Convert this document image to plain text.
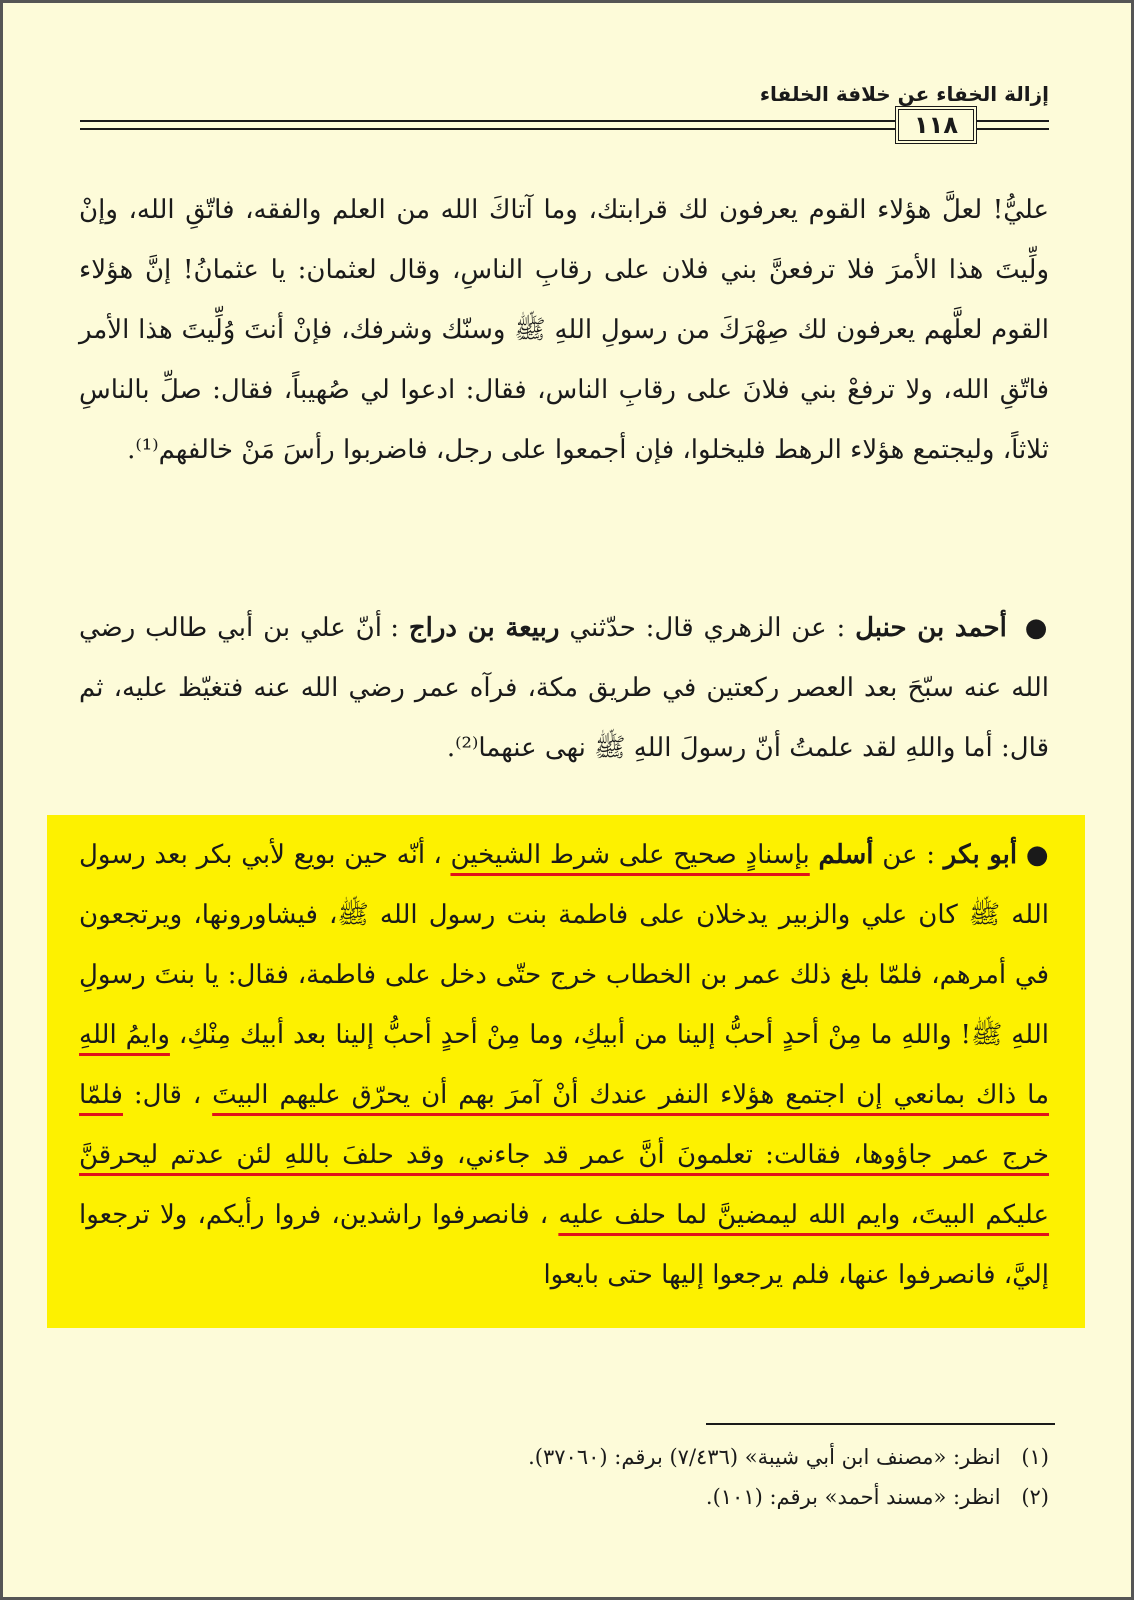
إزالة الخفاء عن خلافة الخلفاء
١١٨
عليُّ! لعلَّ هؤلاء القوم يعرفون لك قرابتك، وما آتاكَ الله من العلم والفقه، فاتّقِ الله، وإنْ ولِّيتَ هذا الأمرَ فلا ترفعنَّ بني فلان على رقابِ الناسِ، وقال لعثمان: يا عثمانُ! إنَّ هؤلاء القوم لعلَّهم يعرفون لك صِهْرَكَ من رسولِ اللهِ ﷺ وسنّك وشرفك، فإنْ أنتَ وُلِّيتَ هذا الأمر فاتّقِ الله، ولا ترفعْ بني فلانَ على رقابِ الناس، فقال: ادعوا لي صُهيباً، فقال: صلِّ بالناسِ ثلاثاً، وليجتمع هؤلاء الرهط فليخلوا، فإن أجمعوا على رجل، فاضربوا رأسَ مَنْ خالفهم⁽¹⁾.
● أحمد بن حنبل : عن الزهري قال: حدّثني ربيعة بن دراج : أنّ علي بن أبي طالب رضي الله عنه سبّحَ بعد العصر ركعتين في طريق مكة، فرآه عمر رضي الله عنه فتغيّظ عليه، ثم قال: أما واللهِ لقد علمتُ أنّ رسولَ اللهِ ﷺ نهى عنهما⁽²⁾.
● أبو بكر : عن أسلم بإسنادٍ صحيح على شرط الشيخين ، أنّه حين بويع لأبي بكر بعد رسول الله ﷺ كان علي والزبير يدخلان على فاطمة بنت رسول الله ﷺ، فيشاورونها، ويرتجعون في أمرهم، فلمّا بلغ ذلك عمر بن الخطاب خرج حتّى دخل على فاطمة، فقال: يا بنتَ رسولِ اللهِ ﷺ! واللهِ ما مِنْ أحدٍ أحبُّ إلينا من أبيكِ، وما مِنْ أحدٍ أحبُّ إلينا بعد أبيك مِنْكِ، وايمُ اللهِ ما ذاك بمانعي إن اجتمع هؤلاء النفر عندك أنْ آمرَ بهم أن يحرّق عليهم البيتَ ، قال: فلمّا خرج عمر جاؤوها، فقالت: تعلمونَ أنَّ عمر قد جاءني، وقد حلفَ باللهِ لئن عدتم ليحرقنَّ عليكم البيتَ، وايم الله ليمضينَّ لما حلف عليه ، فانصرفوا راشدين، فروا رأيكم، ولا ترجعوا إليَّ، فانصرفوا عنها، فلم يرجعوا إليها حتى بايعوا
(١) انظر: «مصنف ابن أبي شيبة» (٧/٤٣٦) برقم: (٣٧٠٦٠).
(٢) انظر: «مسند أحمد» برقم: (١٠١).
